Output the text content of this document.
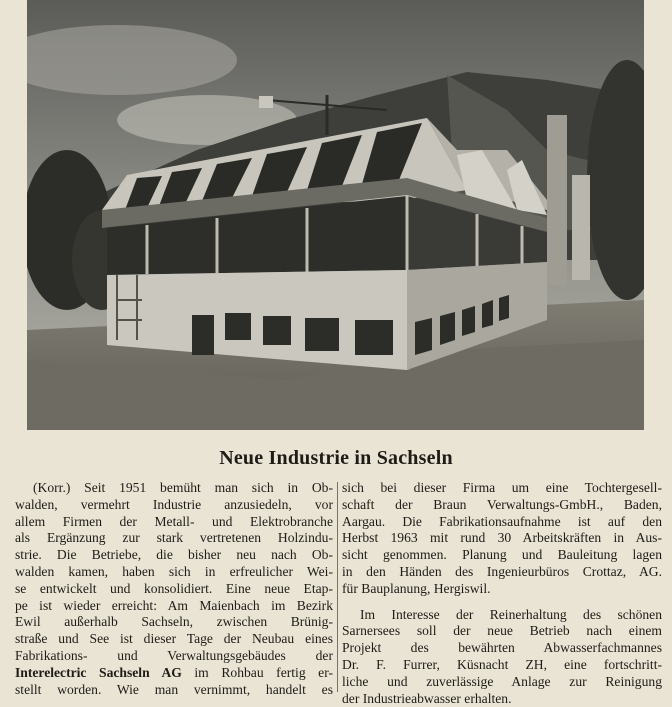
Neue Industrie in Sachseln
(Korr.) Seit 1951 bemüht man sich in Ob-
walden, vermehrt Industrie anzusiedeln, vor
allem Firmen der Metall- und Elektrobranche
als Ergänzung zur stark vertretenen Holzindu-
strie. Die Betriebe, die bisher neu nach Ob-
walden kamen, haben sich in erfreulicher Wei-
se entwickelt und konsolidiert. Eine neue Etap-
pe ist wieder erreicht: Am Maienbach im Bezirk
Ewil außerhalb Sachseln, zwischen Brünig-
straße und See ist dieser Tage der Neubau eines
Fabrikations- und Verwaltungsgebäudes der
Interelectric Sachseln AG im Rohbau fertig er-
stellt worden. Wie man vernimmt, handelt es
sich bei dieser Firma um eine Tochtergesell-
schaft der Braun Verwaltungs-GmbH., Baden,
Aargau. Die Fabrikationsaufnahme ist auf den
Herbst 1963 mit rund 30 Arbeitskräften in Aus-
sicht genommen. Planung und Bauleitung lagen
in den Händen des Ingenieurbüros Crottaz, AG.
für Bauplanung, Hergiswil.
Im Interesse der Reinerhaltung des schönen
Sarnersees soll der neue Betrieb nach einem
Projekt des bewährten Abwasserfachmannes
Dr. F. Furrer, Küsnacht ZH, eine fortschritt-
liche und zuverlässige Anlage zur Reinigung
der Industrieabwasser erhalten.
